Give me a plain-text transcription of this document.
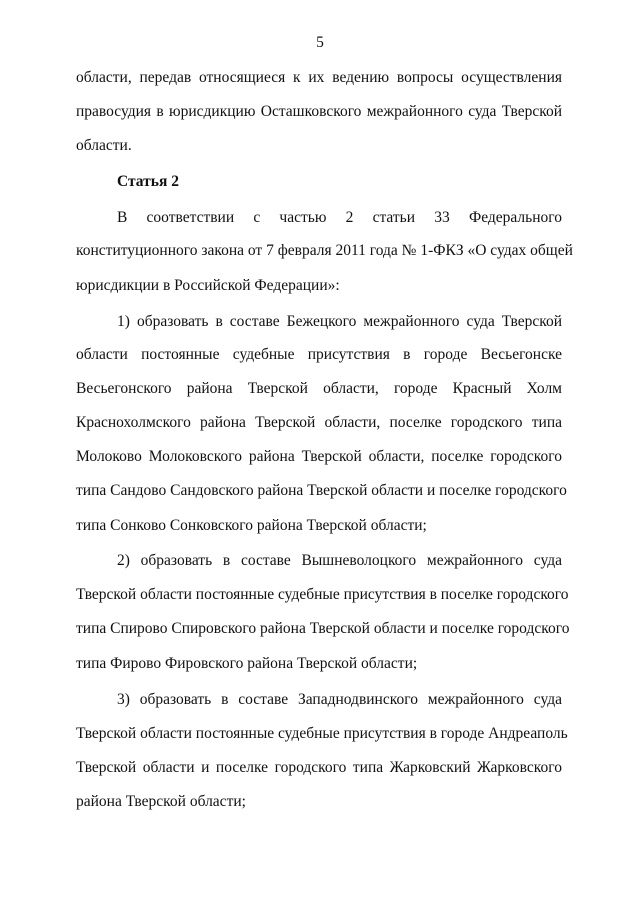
5
области, передав относящиеся к их ведению вопросы осуществления
правосудия в юрисдикцию Осташковского межрайонного суда Тверской
области.
Статья 2
В соответствии с частью 2 статьи 33 Федерального
конституционного закона от 7 февраля 2011 года № 1-ФКЗ «О судах общей
юрисдикции в Российской Федерации»:
1) образовать в составе Бежецкого межрайонного суда Тверской
области постоянные судебные присутствия в городе Весьегонске
Весьегонского района Тверской области, городе Красный Холм
Краснохолмского района Тверской области, поселке городского типа
Молоково Молоковского района Тверской области, поселке городского
типа Сандово Сандовского района Тверской области и поселке городского
типа Сонково Сонковского района Тверской области;
2) образовать в составе Вышневолоцкого межрайонного суда
Тверской области постоянные судебные присутствия в поселке городского
типа Спирово Спировского района Тверской области и поселке городского
типа Фирово Фировского района Тверской области;
3) образовать в составе Западнодвинского межрайонного суда
Тверской области постоянные судебные присутствия в городе Андреаполь
Тверской области и поселке городского типа Жарковский Жарковского
района Тверской области;
